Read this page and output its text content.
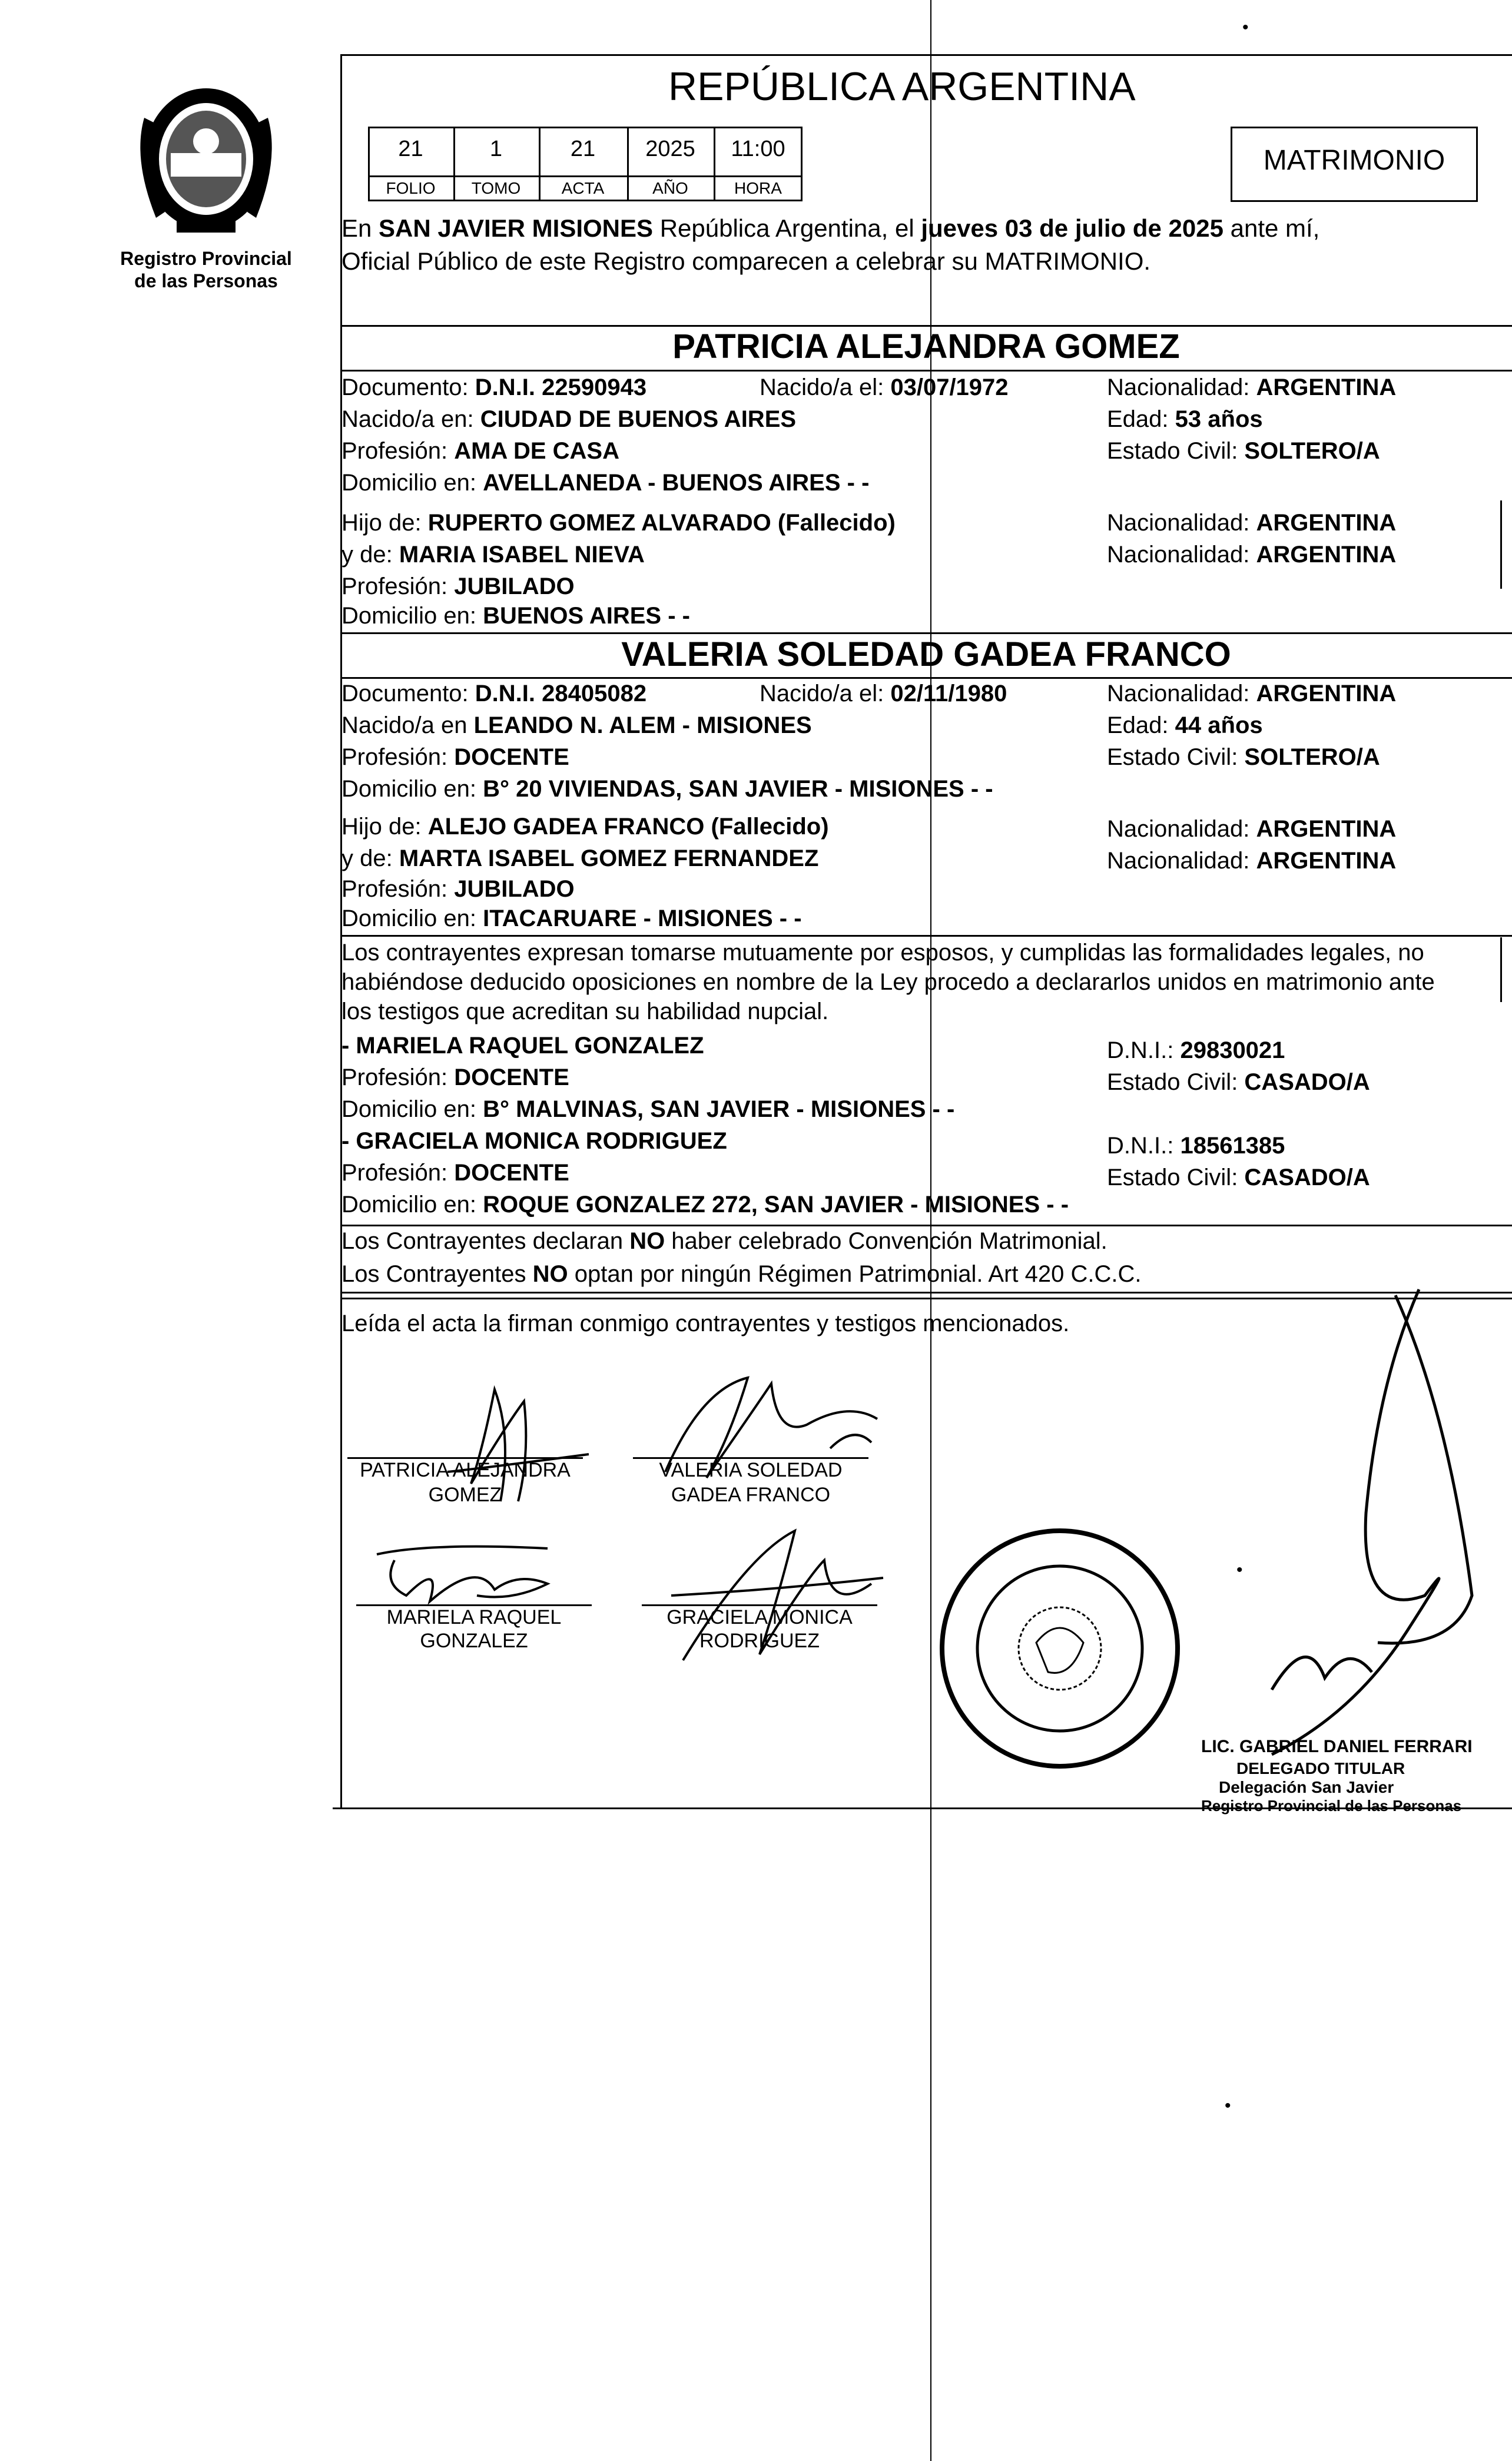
Registro Provincial
de las Personas
REPÚBLICA ARGENTINA
MATRIMONIO
21	1	21	2025	11:00
FOLIO	TOMO	ACTA	AÑO	HORA
En SAN JAVIER MISIONES República Argentina, el jueves 03 de julio de 2025 ante mí,
Oficial Público de este Registro comparecen a celebrar su MATRIMONIO.
PATRICIA ALEJANDRA GOMEZ
Documento: D.N.I. 22590943	Nacido/a el: 03/07/1972	Nacionalidad: ARGENTINA
Nacido/a en: CIUDAD DE BUENOS AIRES	Edad: 53 años
Profesión: AMA DE CASA	Estado Civil: SOLTERO/A
Domicilio en: AVELLANEDA - BUENOS AIRES - -
Hijo de: RUPERTO GOMEZ ALVARADO (Fallecido)	Nacionalidad: ARGENTINA
y de: MARIA ISABEL NIEVA	Nacionalidad: ARGENTINA
Profesión: JUBILADO
Domicilio en: BUENOS AIRES - -
VALERIA SOLEDAD GADEA FRANCO
Documento: D.N.I. 28405082	Nacido/a el: 02/11/1980	Nacionalidad: ARGENTINA
Nacido/a en LEANDO N. ALEM - MISIONES	Edad: 44 años
Profesión: DOCENTE	Estado Civil: SOLTERO/A
Domicilio en: B° 20 VIVIENDAS, SAN JAVIER - MISIONES - -
Hijo de: ALEJO GADEA FRANCO (Fallecido)	Nacionalidad: ARGENTINA
y de: MARTA ISABEL GOMEZ FERNANDEZ	Nacionalidad: ARGENTINA
Profesión: JUBILADO
Domicilio en: ITACARUARE - MISIONES - -
Los contrayentes expresan tomarse mutuamente por esposos, y cumplidas las formalidades legales, no
habiéndose deducido oposiciones en nombre de la Ley procedo a declararlos unidos en matrimonio ante
los testigos que acreditan su habilidad nupcial.
- MARIELA RAQUEL GONZALEZ	D.N.I.: 29830021
Profesión: DOCENTE	Estado Civil: CASADO/A
Domicilio en: B° MALVINAS, SAN JAVIER - MISIONES - -
- GRACIELA MONICA RODRIGUEZ	D.N.I.: 18561385
Profesión: DOCENTE	Estado Civil: CASADO/A
Domicilio en: ROQUE GONZALEZ 272, SAN JAVIER - MISIONES - -
Los Contrayentes declaran NO haber celebrado Convención Matrimonial.
Los Contrayentes NO optan por ningún Régimen Patrimonial. Art 420 C.C.C.
Leída el acta la firman conmigo contrayentes y testigos mencionados.
PATRICIA ALEJANDRA
GOMEZ
VALERIA SOLEDAD
GADEA FRANCO
MARIELA RAQUEL
GONZALEZ
GRACIELA MONICA
RODRIGUEZ
LIC. GABRIEL DANIEL FERRARI
DELEGADO TITULAR
Delegación San Javier
Registro Provincial de las Personas
•
•
•
